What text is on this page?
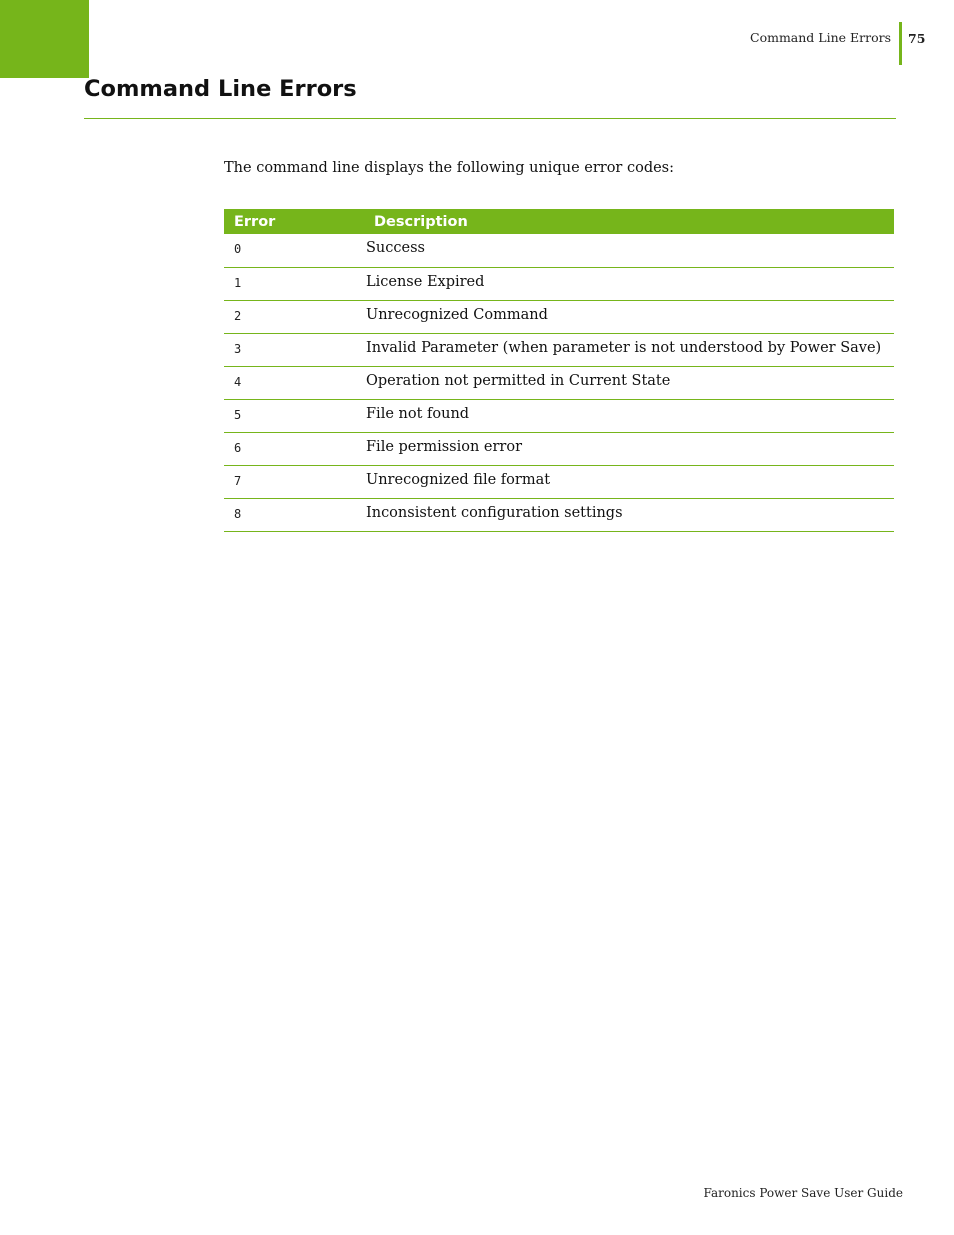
Command Line Errors 75
Command Line Errors

The command line displays the following unique error codes:

Error	Description
0	Success
1	License Expired
2	Unrecognized Command
3	Invalid Parameter (when parameter is not understood by Power Save)
4	Operation not permitted in Current State
5	File not found
6	File permission error
7	Unrecognized file format
8	Inconsistent configuration settings
Faronics Power Save User Guide
